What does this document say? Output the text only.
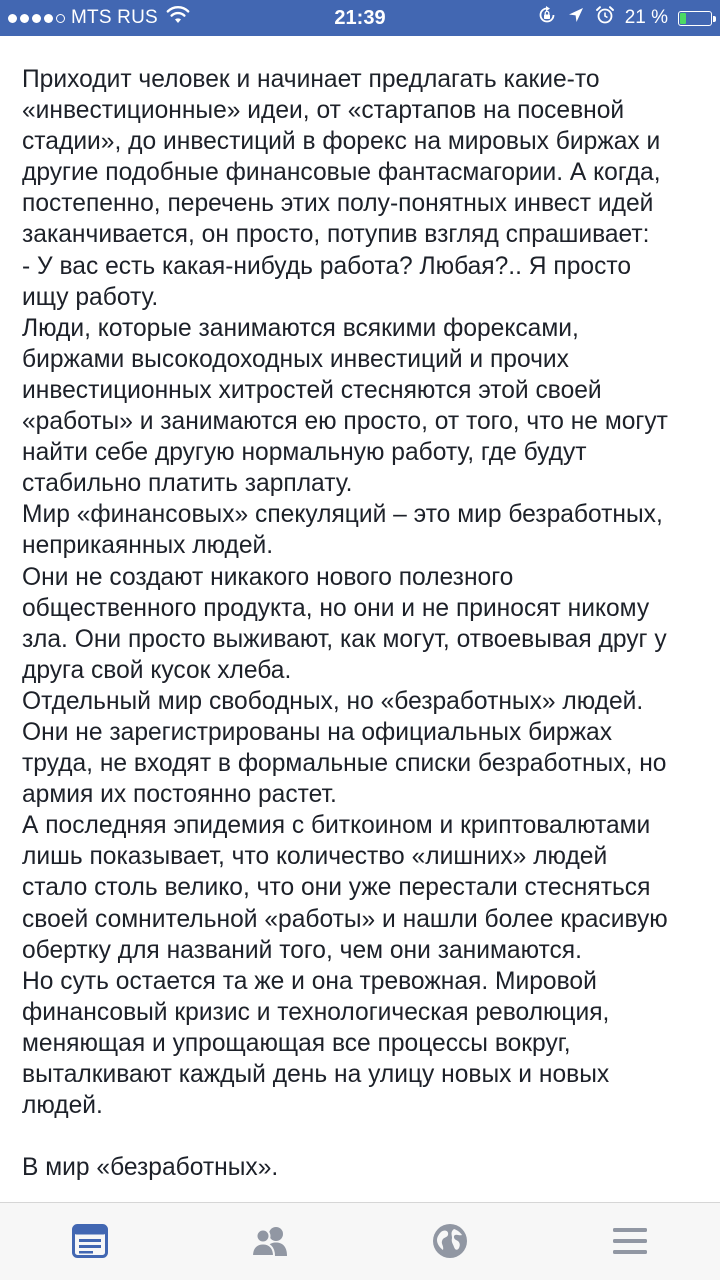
MTS RUS	21:39	21 %

Приходит человек и начинает предлагать какие-то

«инвестиционные» идеи, от «стартапов на посевной

стадии», до инвестиций в форекс на мировых биржах и

другие подобные финансовые фантасмагории. А когда,

постепенно, перечень этих полу-понятных инвест идей

заканчивается, он просто, потупив взгляд спрашивает:

- У вас есть какая-нибудь работа? Любая?.. Я просто

ищу работу.

Люди, которые занимаются всякими форексами,

биржами высокодоходных инвестиций и прочих

инвестиционных хитростей стесняются этой своей

«работы» и занимаются ею просто, от того, что не могут

найти себе другую нормальную работу, где будут

стабильно платить зарплату.

Мир «финансовых» спекуляций – это мир безработных,

неприкаянных людей.

Они не создают никакого нового полезного

общественного продукта, но они и не приносят никому

зла. Они просто выживают, как могут, отвоевывая друг у

друга свой кусок хлеба.

Отдельный мир свободных, но «безработных» людей.

Они не зарегистрированы на официальных биржах

труда, не входят в формальные списки безработных, но

армия их постоянно растет.

А последняя эпидемия с биткоином и криптовалютами

лишь показывает, что количество «лишних» людей

стало столь велико, что они уже перестали стесняться

своей сомнительной «работы» и нашли более красивую

обертку для названий того, чем они занимаются.

Но суть остается та же и она тревожная. Мировой

финансовый кризис и технологическая революция,

меняющая и упрощающая все процессы вокруг,

выталкивают каждый день на улицу новых и новых

людей.

В мир «безработных».
